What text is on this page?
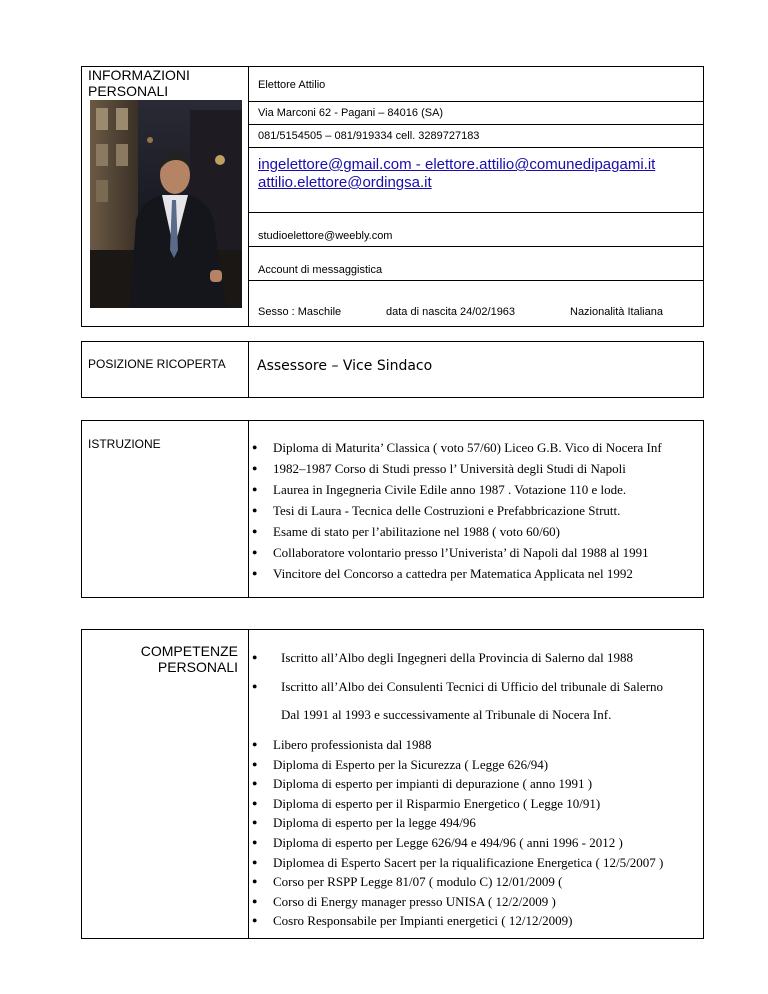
INFORMAZIONI PERSONALI	Elettore Attilio
Via Marconi 62 - Pagani – 84016 (SA)
081/5154505 – 081/919334 cell. 3289727183
ingelettore@gmail.com - elettore.attilio@comunedipagami.it
attilio.elettore@ordingsa.it
studioelettore@weebly.com
Account di messaggistica
Sesso : Maschile	data di nascita 24/02/1963	Nazionalità Italiana
POSIZIONE RICOPERTA Assessore – Vice Sindaco
ISTRUZIONE
●	Diploma di Maturita’ Classica ( voto 57/60) Liceo G.B. Vico di Nocera Inf
● 1982–1987 Corso di Studi presso l’ Università degli Studi di Napoli
● Laurea in Ingegneria Civile Edile anno 1987 . Votazione 110 e lode.
● Tesi di Laura - Tecnica delle Costruzioni e Prefabbricazione Strutt.
● Esame di stato per l’abilitazione nel 1988 ( voto 60/60)
● Collaboratore volontario presso l’Univerista’ di Napoli dal 1988 al 1991
● Vincitore del Concorso a cattedra per Matematica Applicata nel 1992
COMPETENZE
PERSONALI
● Iscritto all’Albo degli Ingegneri della Provincia di Salerno dal 1988
● Iscritto all’Albo dei Consulenti Tecnici di Ufficio del tribunale di Salerno
Dal 1991 al 1993 e successivamente al Tribunale di Nocera Inf.
● Libero professionista dal 1988
● Diploma di Esperto per la Sicurezza ( Legge 626/94)
● Diploma di esperto per impianti di depurazione ( anno 1991 )
● Diploma di esperto per il Risparmio Energetico ( Legge 10/91)
● Diploma di esperto per la legge 494/96
● Diploma di esperto per Legge 626/94 e 494/96 ( anni 1996 - 2012 )
● Diplomea di Esperto Sacert per la riqualificazione Energetica ( 12/5/2007 )
● Corso per RSPP Legge 81/07 ( modulo C) 12/01/2009 (
● Corso di Energy manager presso UNISA ( 12/2/2009 )
● Cosro Responsabile per Impianti energetici ( 12/12/2009)
